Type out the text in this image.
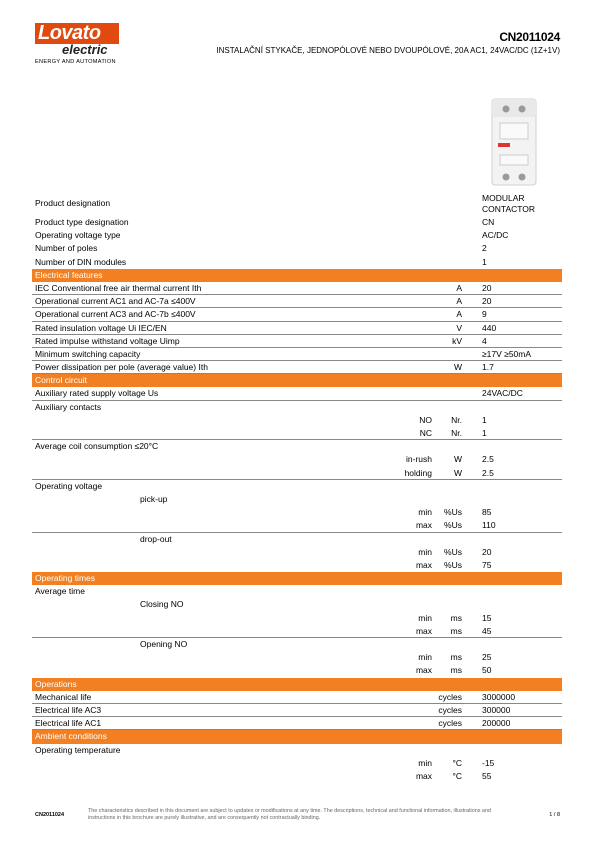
Lovato
electric
ENERGY AND AUTOMATION
CN2011024
INSTALAČNÍ STYKAČE, JEDNOPÓLOVÉ NEBO DVOUPÓLOVÉ, 20A AC1, 24VAC/DC (1Z+1V)
Product designation	MODULAR
CONTACTOR
Product type designation	CN
Operating voltage type	AC/DC
Number of poles	2
Number of DIN modules	1
Electrical features
IEC Conventional free air thermal current Ith	A 20
Operational current AC1 and AC-7a ≤400V	A 20
Operational current AC3 and AC-7b ≤400V	A 9
Rated insulation voltage Ui IEC/EN	V 440
Rated impulse withstand voltage Uimp	kV 4
Minimum switching capacity	≥17V ≥50mA
Power dissipation per pole (average value) Ith	W 1.7
Control circuit
Auxiliary rated supply voltage Us	24VAC/DC
Auxiliary contacts
NO Nr. 1
NC Nr. 1
Average coil consumption ≤20°C
in-rush	W 2.5
holding	W 2.5
Operating voltage
pick-up
min %Us 85
max %Us 110
drop-out
min %Us 20
max %Us 75
Operating times
Average time
Closing NO
min ms 15
max ms 45
Opening NO
min ms 25
max ms 50
Operations
Mechanical life	cycles 3000000
Electrical life AC3	cycles 300000
Electrical life AC1	cycles 200000
Ambient conditions
Operating temperature
min °C -15
max °C 55
CN2011024
The characteristics described in this document are subject to updates or modifications at any time. The descriptions, technical and functional information, illustrations and instructions in this brochure are purely illustrative, and are consequently not contractually binding.	1 / 8
